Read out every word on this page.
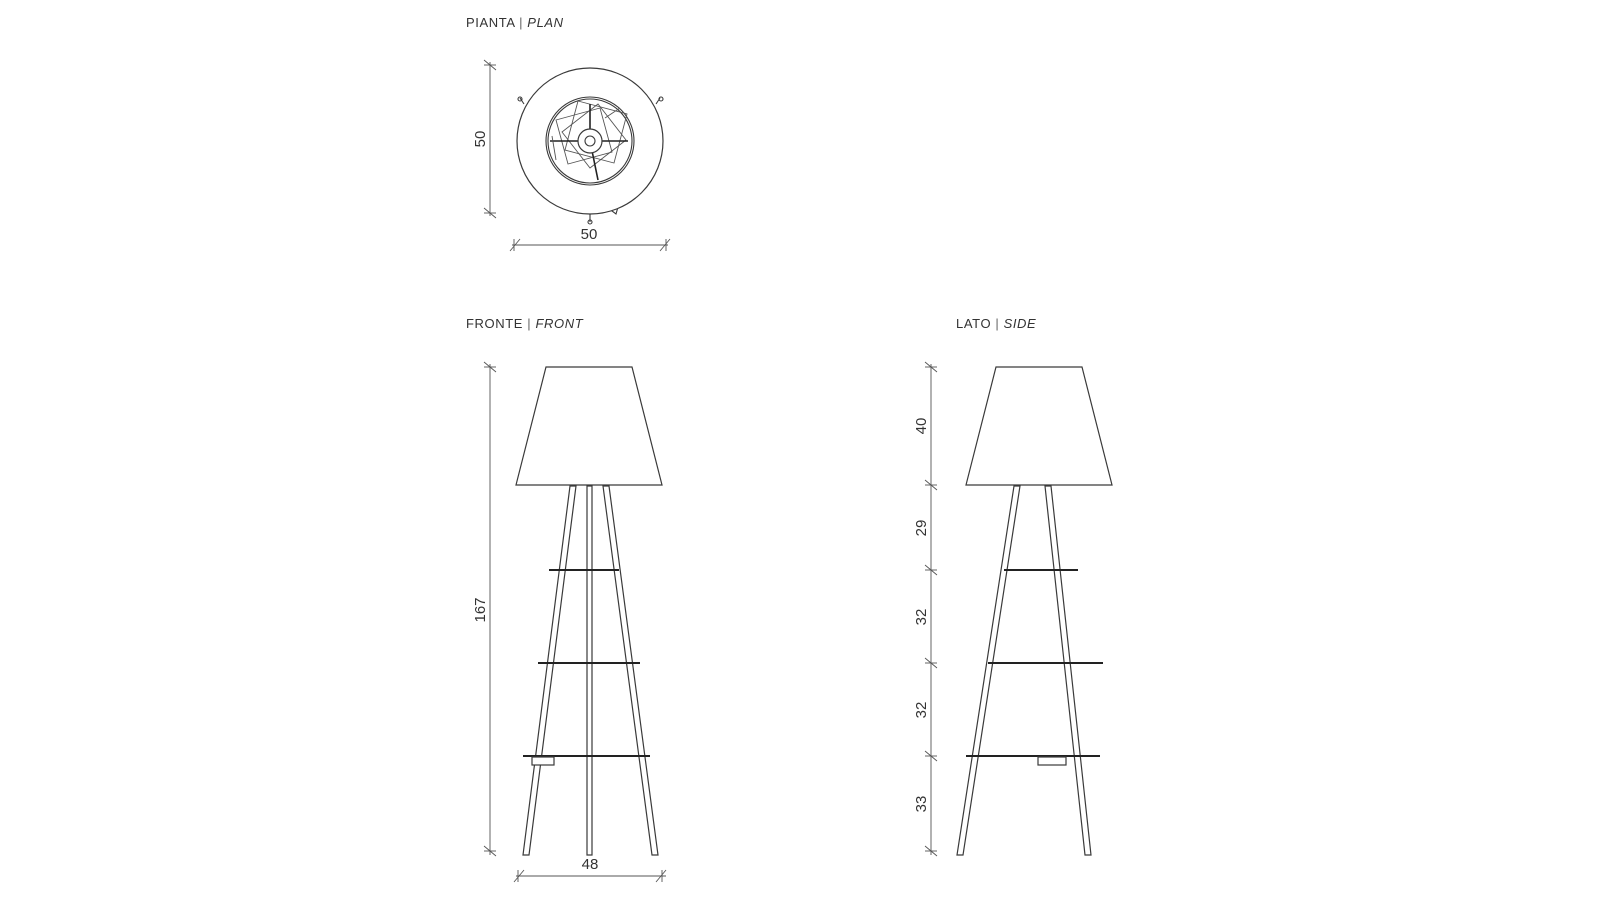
PIANTA | PLAN
FRONTE | FRONT	LATO | SIDE
50
50
167
48
40
29
32
32
33
